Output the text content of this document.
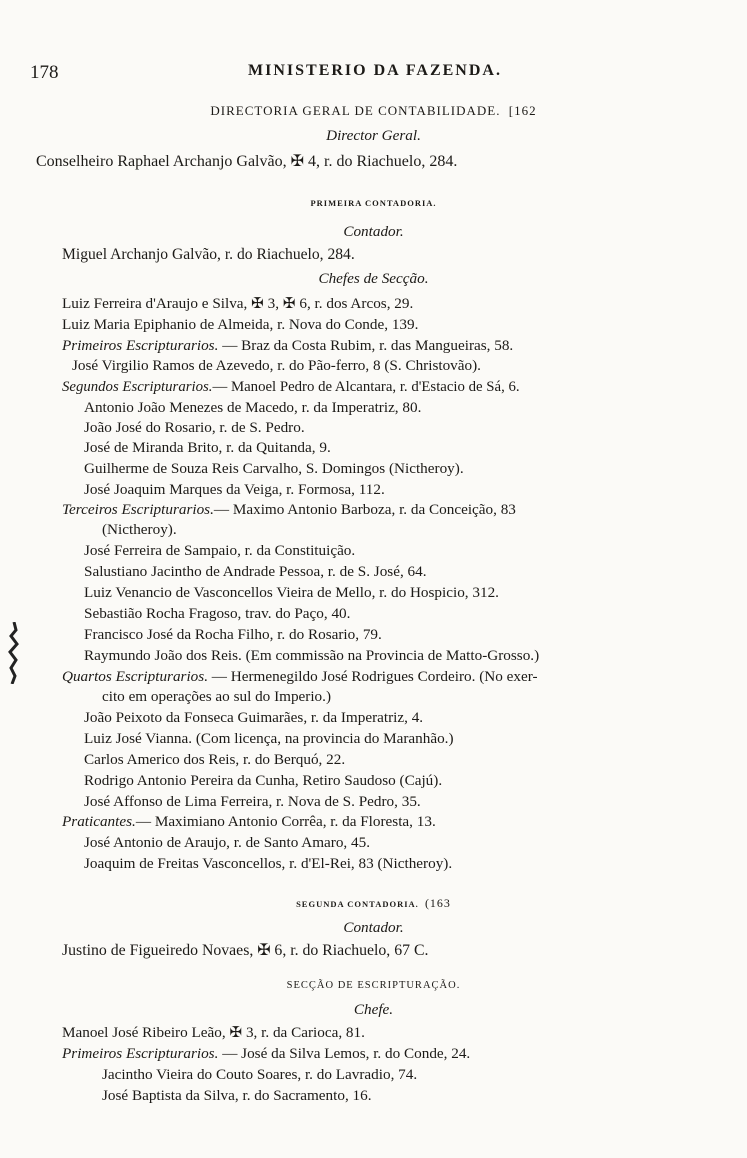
178	MINISTERIO DA FAZENDA.
DIRECTORIA GERAL DE CONTABILIDADE. [162
Director Geral.
Conselheiro Raphael Archanjo Galvão, ✠ 4, r. do Riachuelo, 284.
PRIMEIRA CONTADORIA.
Contador.
Miguel Archanjo Galvão, r. do Riachuelo, 284.
Chefes de Secção.
Luiz Ferreira d'Araujo e Silva, ✠ 3, ✠ 6, r. dos Arcos, 29.
Luiz Maria Epiphanio de Almeida, r. Nova do Conde, 139.
Primeiros Escripturarios. — Braz da Costa Rubim, r. das Mangueiras, 58.
José Virgilio Ramos de Azevedo, r. do Pão-ferro, 8 (S. Christovão).
Segundos Escripturarios.— Manoel Pedro de Alcantara, r. d'Estacio de Sá, 6.
Antonio João Menezes de Macedo, r. da Imperatriz, 80.
João José do Rosario, r. de S. Pedro.
José de Miranda Brito, r. da Quitanda, 9.
Guilherme de Souza Reis Carvalho, S. Domingos (Nictheroy).
José Joaquim Marques da Veiga, r. Formosa, 112.
Terceiros Escripturarios.— Maximo Antonio Barboza, r. da Conceição, 83
(Nictheroy).
José Ferreira de Sampaio, r. da Constituição.
Salustiano Jacintho de Andrade Pessoa, r. de S. José, 64.
Luiz Venancio de Vasconcellos Vieira de Mello, r. do Hospicio, 312.
Sebastião Rocha Fragoso, trav. do Paço, 40.
Francisco José da Rocha Filho, r. do Rosario, 79.
Raymundo João dos Reis. (Em commissão na Provincia de Matto-Grosso.)
Quartos Escripturarios. — Hermenegildo José Rodrigues Cordeiro. (No exer-
cito em operações ao sul do Imperio.)
João Peixoto da Fonseca Guimarães, r. da Imperatriz, 4.
Luiz José Vianna. (Com licença, na provincia do Maranhão.)
Carlos Americo dos Reis, r. do Berquó, 22.
Rodrigo Antonio Pereira da Cunha, Retiro Saudoso (Cajú).
José Affonso de Lima Ferreira, r. Nova de S. Pedro, 35.
Praticantes.— Maximiano Antonio Corrêa, r. da Floresta, 13.
José Antonio de Araujo, r. de Santo Amaro, 45.
Joaquim de Freitas Vasconcellos, r. d'El-Rei, 83 (Nictheroy).
SEGUNDA CONTADORIA. (163
Contador.
Justino de Figueiredo Novaes, ✠ 6, r. do Riachuelo, 67 C.
SECÇÃO DE ESCRIPTURAÇÃO.
Chefe.
Manoel José Ribeiro Leão, ✠ 3, r. da Carioca, 81.
Primeiros Escripturarios. — José da Silva Lemos, r. do Conde, 24.
Jacintho Vieira do Couto Soares, r. do Lavradio, 74.
José Baptista da Silva, r. do Sacramento, 16.
